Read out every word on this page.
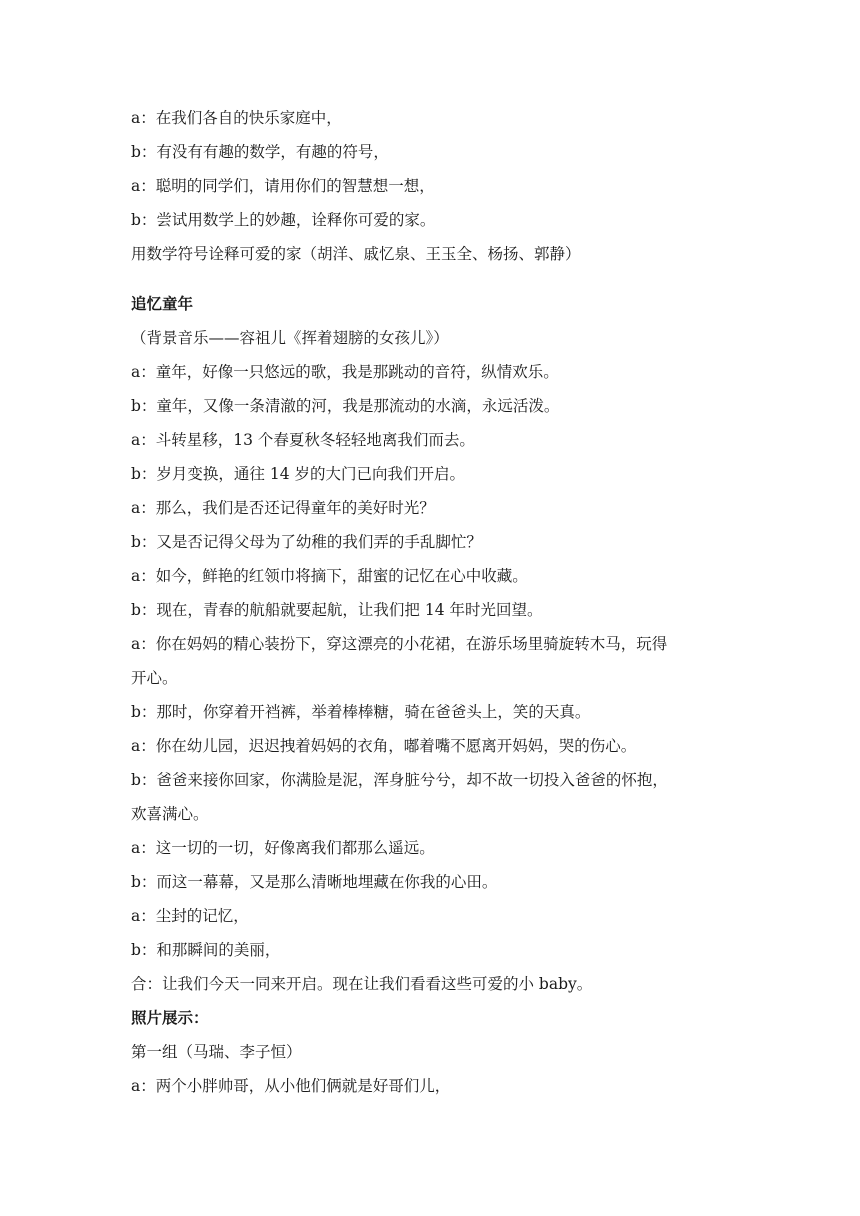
a：在我们各自的快乐家庭中，
b：有没有有趣的数学，有趣的符号，
a：聪明的同学们，请用你们的智慧想一想，
b：尝试用数学上的妙趣，诠释你可爱的家。
用数学符号诠释可爱的家（胡洋、戚忆泉、王玉全、杨扬、郭静）
追忆童年
（背景音乐——容祖儿《挥着翅膀的女孩儿》）
a：童年，好像一只悠远的歌，我是那跳动的音符，纵情欢乐。
b：童年，又像一条清澈的河，我是那流动的水滴，永远活泼。
a：斗转星移，13 个春夏秋冬轻轻地离我们而去。
b：岁月变换，通往 14 岁的大门已向我们开启。
a：那么，我们是否还记得童年的美好时光？
b：又是否记得父母为了幼稚的我们弄的手乱脚忙？
a：如今，鲜艳的红领巾将摘下，甜蜜的记忆在心中收藏。
b：现在，青春的航船就要起航，让我们把 14 年时光回望。
a：你在妈妈的精心装扮下，穿这漂亮的小花裙，在游乐场里骑旋转木马，玩得
开心。
b：那时，你穿着开裆裤，举着棒棒糖，骑在爸爸头上，笑的天真。
a：你在幼儿园，迟迟拽着妈妈的衣角，嘟着嘴不愿离开妈妈，哭的伤心。
b：爸爸来接你回家，你满脸是泥，浑身脏兮兮，却不故一切投入爸爸的怀抱，
欢喜满心。
a：这一切的一切，好像离我们都那么遥远。
b：而这一幕幕，又是那么清晰地埋藏在你我的心田。
a：尘封的记忆，
b：和那瞬间的美丽，
合：让我们今天一同来开启。现在让我们看看这些可爱的小 baby。
照片展示：
第一组（马瑞、李子恒）
a：两个小胖帅哥，从小他们俩就是好哥们儿，
